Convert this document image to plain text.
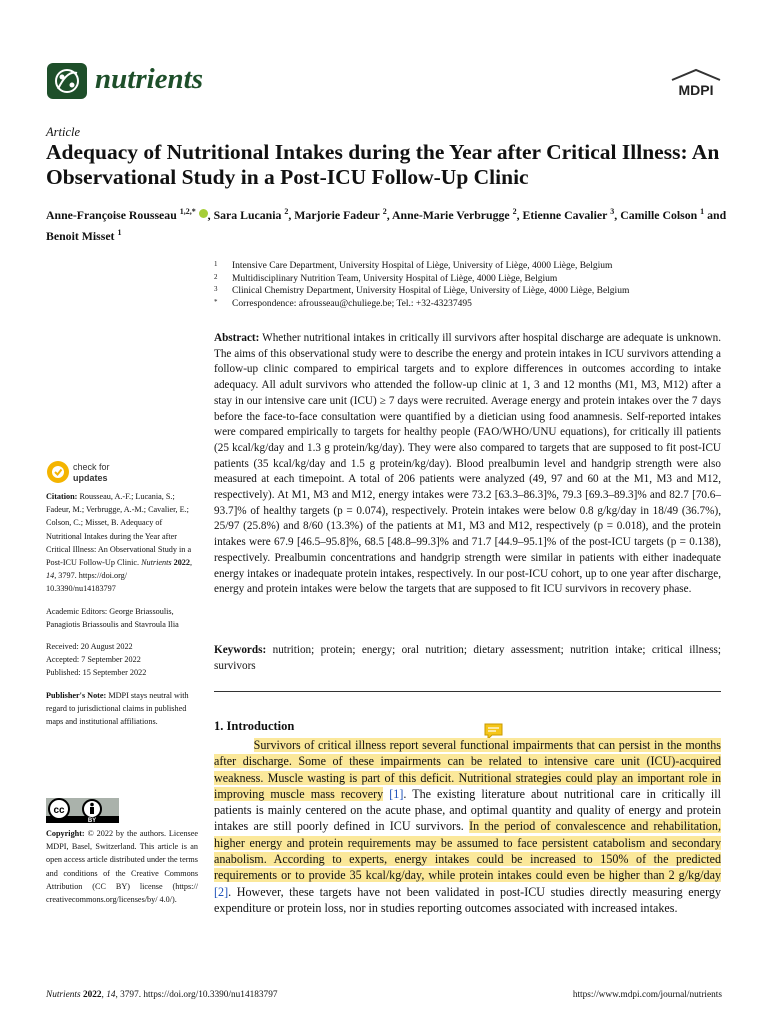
nutrients	MDPI
Article
Adequacy of Nutritional Intakes during the Year after Critical Illness: An Observational Study in a Post-ICU Follow-Up Clinic
Anne-Françoise Rousseau $^{1,2,*}$ , Sara Lucania $^2$, Marjorie Fadeur $^2$, Anne-Marie Verbrugge $^2$, Etienne Cavalier $^3$, Camille Colson $^1$ and Benoit Misset $^1$
1 Intensive Care Department, University Hospital of Liège, University of Liège, 4000 Liège, Belgium
2 Multidisciplinary Nutrition Team, University Hospital of Liège, 4000 Liège, Belgium
3 Clinical Chemistry Department, University Hospital of Liège, University of Liège, 4000 Liège, Belgium
* Correspondence: afrousseau@chuliege.be; Tel.: +32-43237495
Abstract: Whether nutritional intakes in critically ill survivors after hospital discharge are adequate is unknown. The aims of this observational study were to describe the energy and protein intakes in ICU survivors attending a follow-up clinic compared to empirical targets and to explore differences in outcomes according to intake adequacy. All adult survivors who attended the follow-up clinic at 1, 3 and 12 months (M1, M3, M12) after a stay in our intensive care unit (ICU) ≥ 7 days were recruited. Average energy and protein intakes over the 7 days before the face-to-face consultation were quantified by a dietician using food anamnesis. Self-reported intakes were compared empirically to targets for healthy people (FAO/WHO/UNU equations), for critically ill patients (25 kcal/kg/day and 1.3 g protein/kg/day). They were also compared to targets that are supposed to fit post-ICU patients (35 kcal/kg/day and 1.5 g protein/kg/day). Blood prealbumin level and handgrip strength were also measured at each timepoint. A total of 206 patients were analyzed (49, 97 and 60 at the M1, M3 and M12, respectively). At M1, M3 and M12, energy intakes were 73.2 [63.3–86.3]%, 79.3 [69.3–89.3]% and 82.7 [70.6–93.7]% of healthy targets (p = 0.074), respectively. Protein intakes were below 0.8 g/kg/day in 18/49 (36.7%), 25/97 (25.8%) and 8/60 (13.3%) of the patients at M1, M3 and M12, respectively (p = 0.018), and the protein intakes were 67.9 [46.5–95.8]%, 68.5 [48.8–99.3]% and 71.7 [44.9–95.1]% of the post-ICU targets (p = 0.138), respectively. Prealbumin concentrations and handgrip strength were similar in patients with either inadequate energy intakes or inadequate protein intakes, respectively. In our post-ICU cohort, up to one year after discharge, energy and protein intakes were below the targets that are supposed to fit ICU survivors in recovery phase.
Keywords: nutrition; protein; energy; oral nutrition; dietary assessment; nutrition intake; critical illness; survivors
1. Introduction
Survivors of critical illness report several functional impairments that can persist in the months after discharge. Some of these impairments can be related to intensive care unit (ICU)-acquired weakness. Muscle wasting is part of this deficit. Nutritional strategies could play an important role in improving muscle mass recovery [1]. The existing literature about nutritional care in critically ill patients is mainly centered on the acute phase, and optimal quantity and quality of energy and protein intakes are still poorly defined in ICU survivors. In the period of convalescence and rehabilitation, higher energy and protein requirements may be assumed to face persistent catabolism and secondary anabolism. According to experts, energy intakes could be increased to 150% of the predicted requirements or to provide 35 kcal/kg/day, while protein intakes could even be higher than 2 g/kg/day [2]. However, these targets have not been validated in post-ICU studies directly measuring energy expenditure or protein loss, nor in studies reporting outcomes associated with increased intakes.
check for
updates
Citation: Rousseau, A.-F.; Lucania, S.; Fadeur, M.; Verbrugge, A.-M.; Cavalier, E.; Colson, C.; Misset, B. Adequacy of Nutritional Intakes during the Year after Critical Illness: An Observational Study in a Post-ICU Follow-Up Clinic. Nutrients 2022, 14, 3797. https://doi.org/ 10.3390/nu14183797
Academic Editors: George Briassoulis, Panagiotis Briassoulis and Stavroula Ilia
Received: 20 August 2022
Accepted: 7 September 2022
Published: 15 September 2022
Publisher's Note: MDPI stays neutral with regard to jurisdictional claims in published maps and institutional affiliations.
cc
BY
Copyright: © 2022 by the authors. Licensee MDPI, Basel, Switzerland. This article is an open access article distributed under the terms and conditions of the Creative Commons Attribution (CC BY) license (https:// creativecommons.org/licenses/by/ 4.0/).
Nutrients 2022, 14, 3797. https://doi.org/10.3390/nu14183797	https://www.mdpi.com/journal/nutrients
